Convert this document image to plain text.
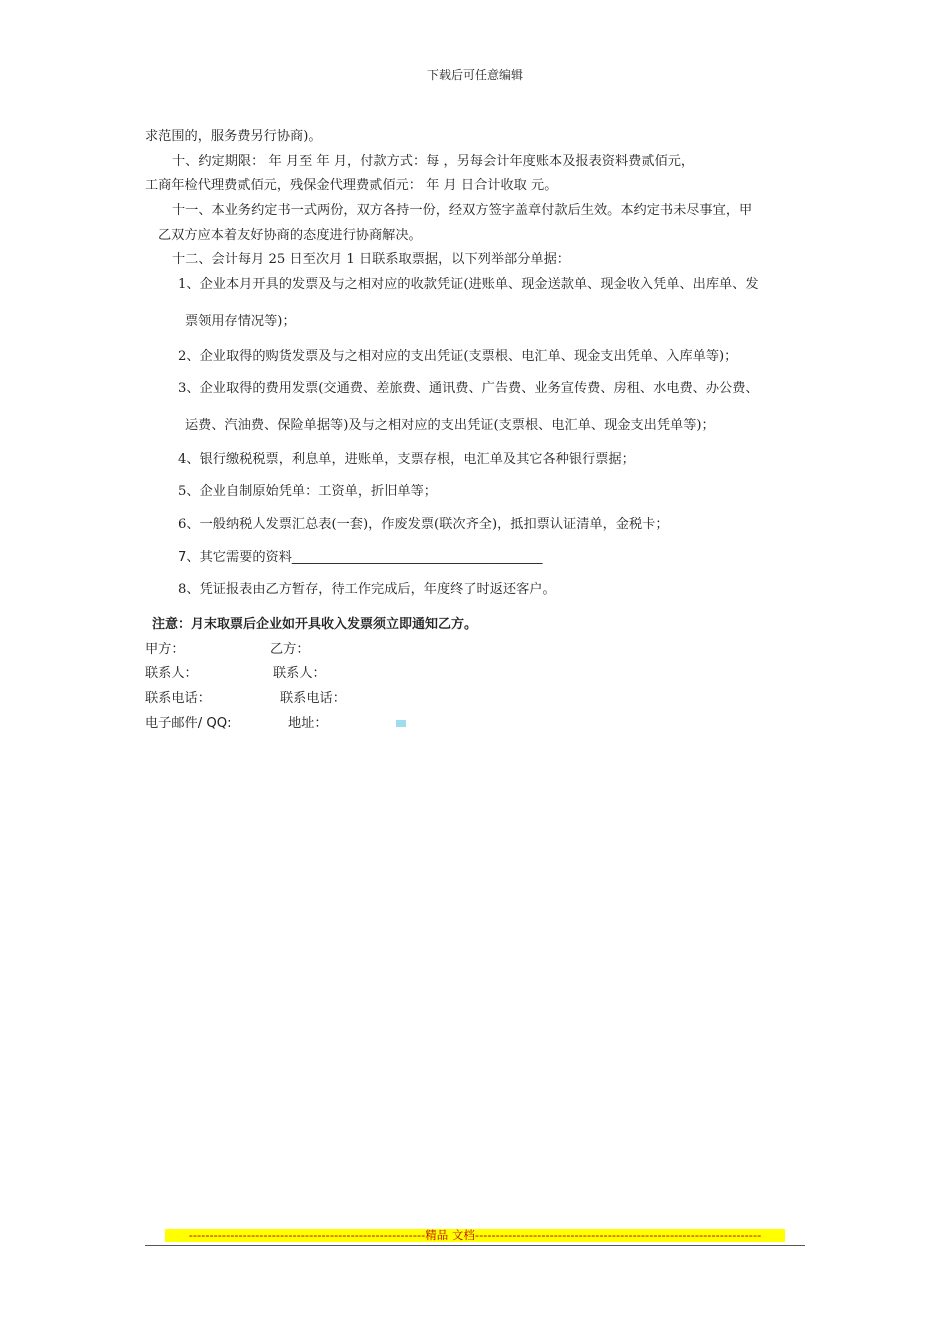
下载后可任意编辑
求范围的，服务费另行协商)。
十、约定期限： 年 月至 年 月，付款方式：每 ，另每会计年度账本及报表资料费贰佰元，
工商年检代理费贰佰元，残保金代理费贰佰元： 年 月 日合计收取 元。
十一、本业务约定书一式两份，双方各持一份，经双方签字盖章付款后生效。本约定书未尽事宜，甲
乙双方应本着友好协商的态度进行协商解决。
十二、会计每月 25 日至次月 1 日联系取票据，以下列举部分单据：
1、企业本月开具的发票及与之相对应的收款凭证(进账单、现金送款单、现金收入凭单、出库单、发
票领用存情况等)；
2、企业取得的购货发票及与之相对应的支出凭证(支票根、电汇单、现金支出凭单、入库单等)；
3、企业取得的费用发票(交通费、差旅费、通讯费、广告费、业务宣传费、房租、水电费、办公费、
运费、汽油费、保险单据等)及与之相对应的支出凭证(支票根、电汇单、现金支出凭单等)；
4、银行缴税税票，利息单，进账单，支票存根，电汇单及其它各种银行票据；
5、企业自制原始凭单：工资单，折旧单等；
6、一般纳税人发票汇总表(一套)，作废发票(联次齐全)，抵扣票认证清单，金税卡；
7、其它需要的资料______________________________________
8、凭证报表由乙方暂存，待工作完成后，年度终了时返还客户。
注意：月末取票后企业如开具收入发票须立即通知乙方。
甲方：	乙方：
联系人：	联系人：
联系电话：	联系电话：
电子邮件/ QQ:	地址：
---------------------------------------------------------精品 文档---------------------------------------------------------------------
